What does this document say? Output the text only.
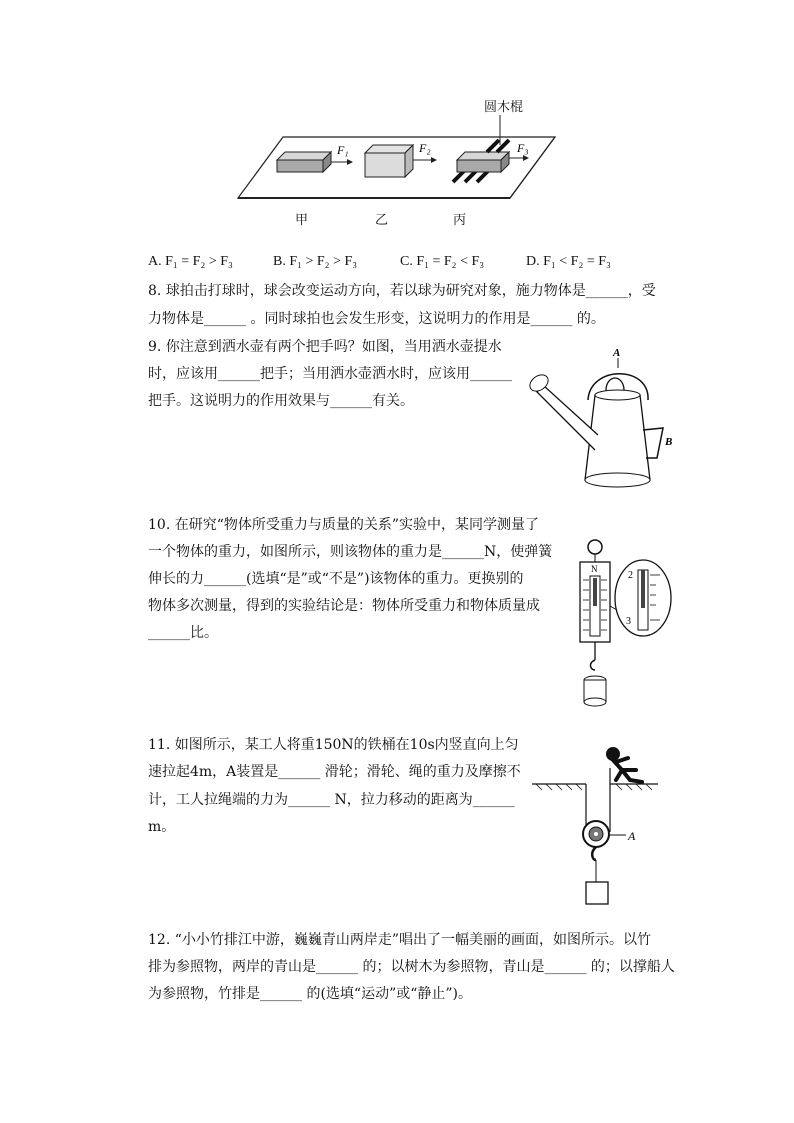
F₁	F₂	F₃
圆木棍
甲	乙	丙
A. F₁ = F₂ > F₃	B. F₁ > F₂ > F₃	C. F₁ = F₂ < F₃	D. F₁ < F₂ = F₃
8. 球拍击打球时，球会改变运动方向，若以球为研究对象，施力物体是______，受
力物体是______ 。同时球拍也会发生形变，这说明力的作用是______ 的。
9. 你注意到洒水壶有两个把手吗？如图，当用洒水壶提水
时，应该用______把手；当用洒水壶洒水时，应该用______
把手。这说明力的作用效果与______有关。
A
B
10. 在研究“物体所受重力与质量的关系”实验中，某同学测量了
一个物体的重力，如图所示，则该物体的重力是______N，使弹簧
伸长的力______(选填“是”或“不是”)该物体的重力。更换别的
物体多次测量，得到的实验结论是：物体所受重力和物体质量成
______比。
N
2
3
11. 如图所示，某工人将重150N的铁桶在10s内竖直向上匀
速拉起4m，A装置是______ 滑轮；滑轮、绳的重力及摩擦不
计，工人拉绳端的力为______ N，拉力移动的距离为______
m。
A
12. “小小竹排江中游，巍巍青山两岸走”唱出了一幅美丽的画面，如图所示。以竹
排为参照物，两岸的青山是______ 的；以树木为参照物，青山是______ 的；以撑船人
为参照物，竹排是______ 的(选填“运动”或“静止”)。
